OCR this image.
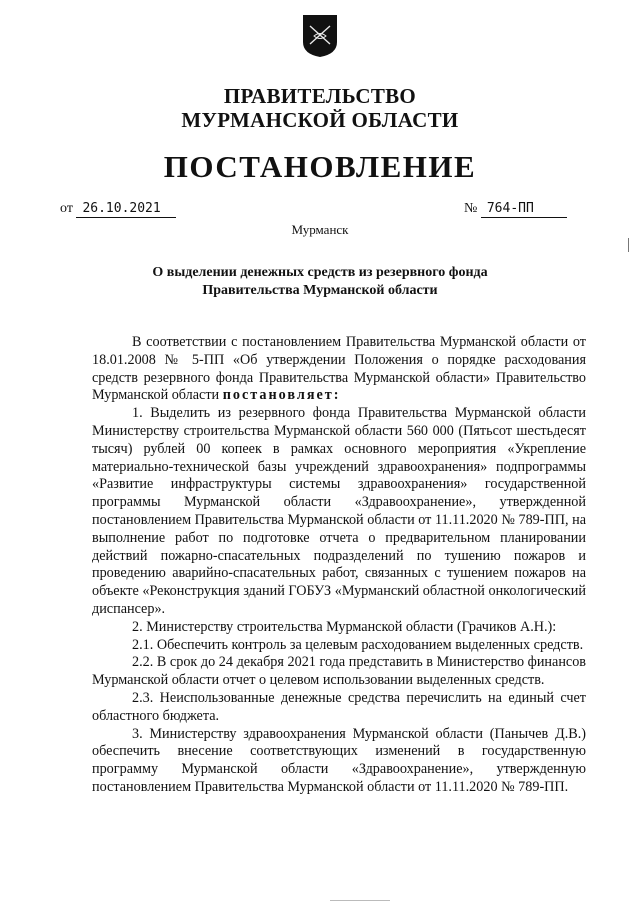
ПРАВИТЕЛЬСТВО
МУРМАНСКОЙ ОБЛАСТИ
ПОСТАНОВЛЕНИЕ
от 26.10.2021	№ 764-ПП
Мурманск
О выделении денежных средств из резервного фонда
Правительства Мурманской области

В соответствии с постановлением Правительства Мурманской области от 18.01.2008 № 5-ПП «Об утверждении Положения о порядке расходования средств резервного фонда Правительства Мурманской области» Правительство Мурманской области постановляет:

1. Выделить из резервного фонда Правительства Мурманской области Министерству строительства Мурманской области 560 000 (Пятьсот шестьдесят тысяч) рублей 00 копеек в рамках основного мероприятия «Укрепление материально-технической базы учреждений здравоохранения» подпрограммы «Развитие инфраструктуры системы здравоохранения» государственной программы Мурманской области «Здравоохранение», утвержденной постановлением Правительства Мурманской области от 11.11.2020 № 789-ПП, на выполнение работ по подготовке отчета о предварительном планировании действий пожарно-спасательных подразделений по тушению пожаров и проведению аварийно-спасательных работ, связанных с тушением пожаров на объекте «Реконструкция зданий ГОБУЗ «Мурманский областной онкологический диспансер».

2. Министерству строительства Мурманской области (Грачиков А.Н.):

2.1. Обеспечить контроль за целевым расходованием выделенных средств.

2.2. В срок до 24 декабря 2021 года представить в Министерство финансов Мурманской области отчет о целевом использовании выделенных средств.

2.3. Неиспользованные денежные средства перечислить на единый счет областного бюджета.

3. Министерству здравоохранения Мурманской области (Панычев Д.В.) обеспечить внесение соответствующих изменений в государственную программу Мурманской области «Здравоохранение», утвержденную постановлением Правительства Мурманской области от 11.11.2020 № 789-ПП.
